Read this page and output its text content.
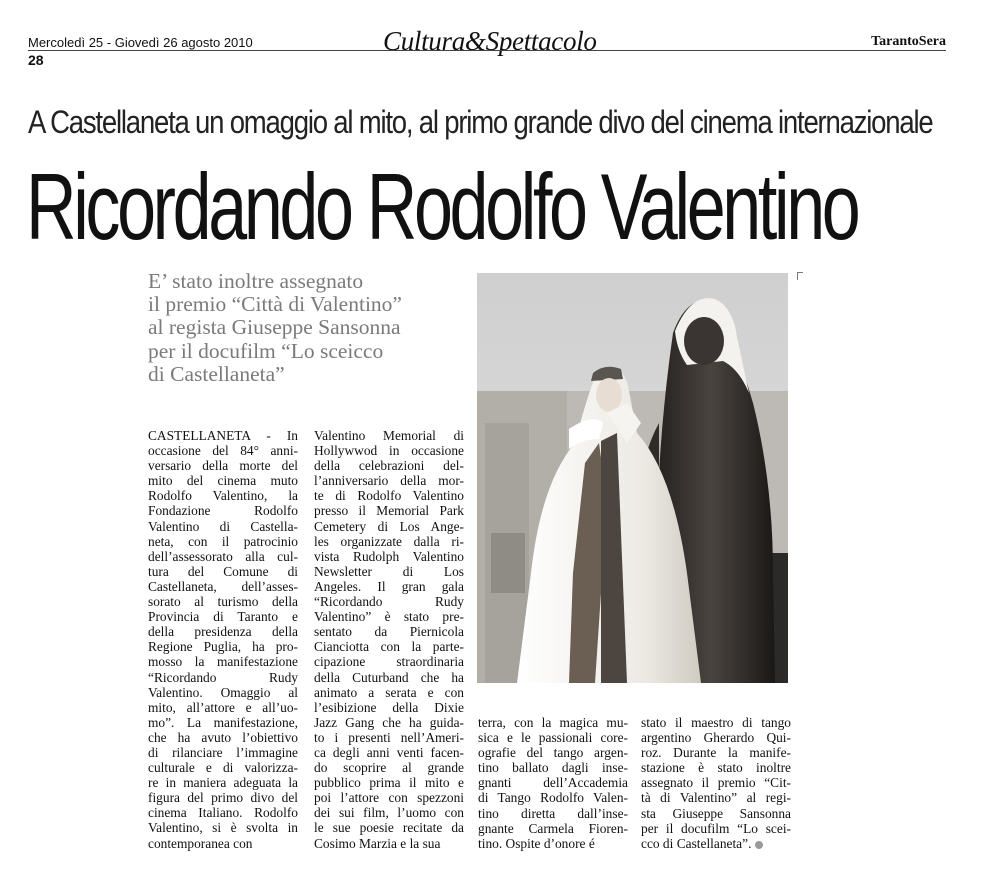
Mercoledì 25 - Giovedì 26 agosto 2010
28
Cultura&Spettacolo	TarantoSera
A Castellaneta un omaggio al mito, al primo grande divo del cinema internazionale
Ricordando Rodolfo Valentino
E’ stato inoltre assegnato
il premio “Città di Valentino”
al regista Giuseppe Sansonna
per il docufilm “Lo sceicco
di Castellaneta”
CASTELLANETA - In
occasione del 84° anni-
versario della morte del
mito del cinema muto
Rodolfo Valentino, la
Fondazione Rodolfo
Valentino di Castella-
neta, con il patrocinio
dell’assessorato alla cul-
tura del Comune di
Castellaneta, dell’asses-
sorato al turismo della
Provincia di Taranto e
della presidenza della
Regione Puglia, ha pro-
mosso la manifestazione
“Ricordando Rudy
Valentino. Omaggio al
mito, all’attore e all’uo-
mo”. La manifestazione,
che ha avuto l’obiettivo
di rilanciare l’immagine
culturale e di valorizza-
re in maniera adeguata la
figura del primo divo del
cinema Italiano. Rodolfo
Valentino, si è svolta in
contemporanea con
Valentino Memorial di
Hollywwod in occasione
della celebrazioni del-
l’anniversario della mor-
te di Rodolfo Valentino
presso il Memorial Park
Cemetery di Los Ange-
les organizzate dalla ri-
vista Rudolph Valentino
Newsletter di Los
Angeles. Il gran gala
“Ricordando Rudy
Valentino” è stato pre-
sentato da Piernicola
Cianciotta con la parte-
cipazione straordinaria
della Cuturband che ha
animato a serata e con
l’esibizione della Dixie
Jazz Gang che ha guida-
to i presenti nell’Ameri-
ca degli anni venti facen-
do scoprire al grande
pubblico prima il mito e
poi l’attore con spezzoni
dei sui film, l’uomo con
le sue poesie recitate da
Cosimo Marzia e la sua
terra, con la magica mu-
sica e le passionali core-
ografie del tango argen-
tino ballato dagli inse-
gnanti dell’Accademia
di Tango Rodolfo Valen-
tino diretta dall’inse-
gnante Carmela Fioren-
tino. Ospite d’onore é
stato il maestro di tango
argentino Gherardo Qui-
roz. Durante la manife-
stazione è stato inoltre
assegnato il premio “Cit-
tà di Valentino” al regi-
sta Giuseppe Sansonna
per il docufilm “Lo scei-
cco di Castellaneta”.
